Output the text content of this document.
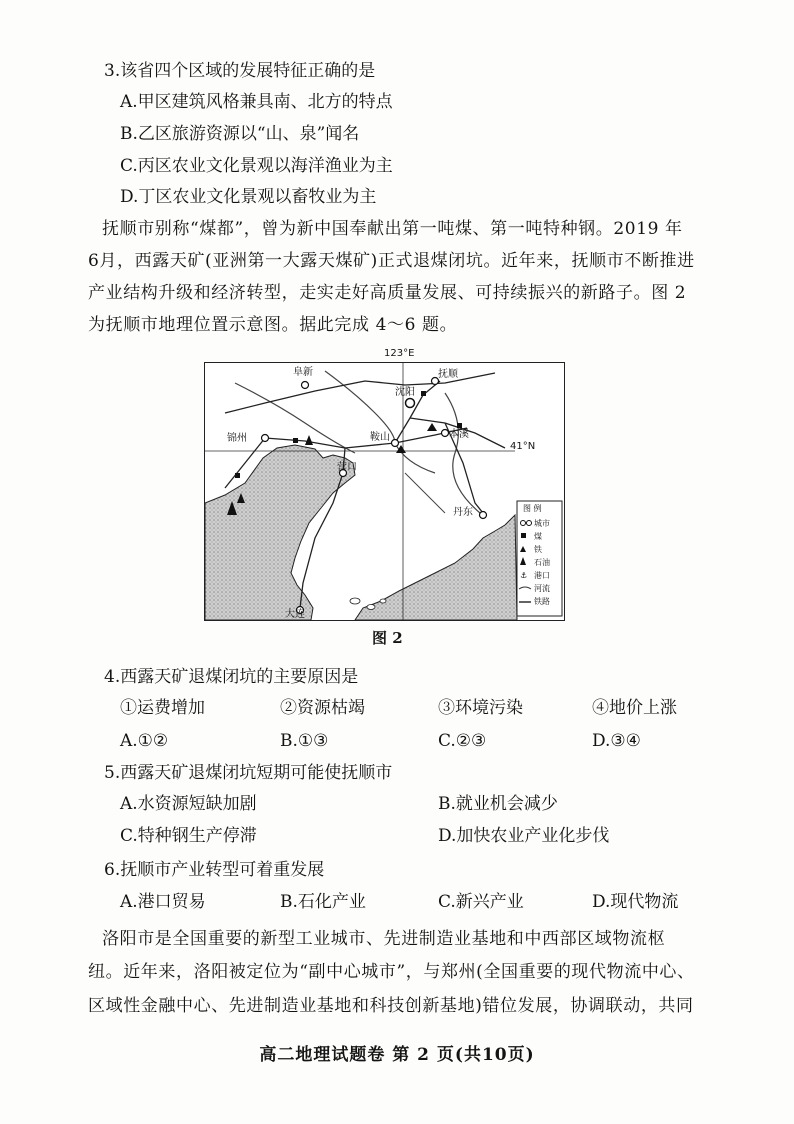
3.该省四个区域的发展特征正确的是
A.甲区建筑风格兼具南、北方的特点
B.乙区旅游资源以“山、泉”闻名
C.丙区农业文化景观以海洋渔业为主
D.丁区农业文化景观以畜牧业为主
抚顺市别称“煤都”，曾为新中国奉献出第一吨煤、第一吨特种钢。2019 年
6月，西露天矿(亚洲第一大露天煤矿)正式退煤闭坑。近年来，抚顺市不断推进
产业结构升级和经济转型，走实走好高质量发展、可持续振兴的新路子。图 2
为抚顺市地理位置示意图。据此完成 4～6 题。
阜新	抚顺
沈阳
锦州	鞍山	本溪
营口
丹东
大连
图 例
城市
煤
铁
石油
⚓ 港口
河流
铁路
123°E
41°N
图 2
4.西露天矿退煤闭坑的主要原因是
①运费增加	②资源枯竭	③环境污染	④地价上涨
A.①②	B.①③	C.②③	D.③④
5.西露天矿退煤闭坑短期可能使抚顺市
A.水资源短缺加剧	B.就业机会减少
C.特种钢生产停滞	D.加快农业产业化步伐
6.抚顺市产业转型可着重发展
A.港口贸易	B.石化产业	C.新兴产业	D.现代物流
洛阳市是全国重要的新型工业城市、先进制造业基地和中西部区域物流枢
纽。近年来，洛阳被定位为“副中心城市”，与郑州(全国重要的现代物流中心、
区域性金融中心、先进制造业基地和科技创新基地)错位发展，协调联动，共同
高二地理试题卷 第 2 页(共10页)
